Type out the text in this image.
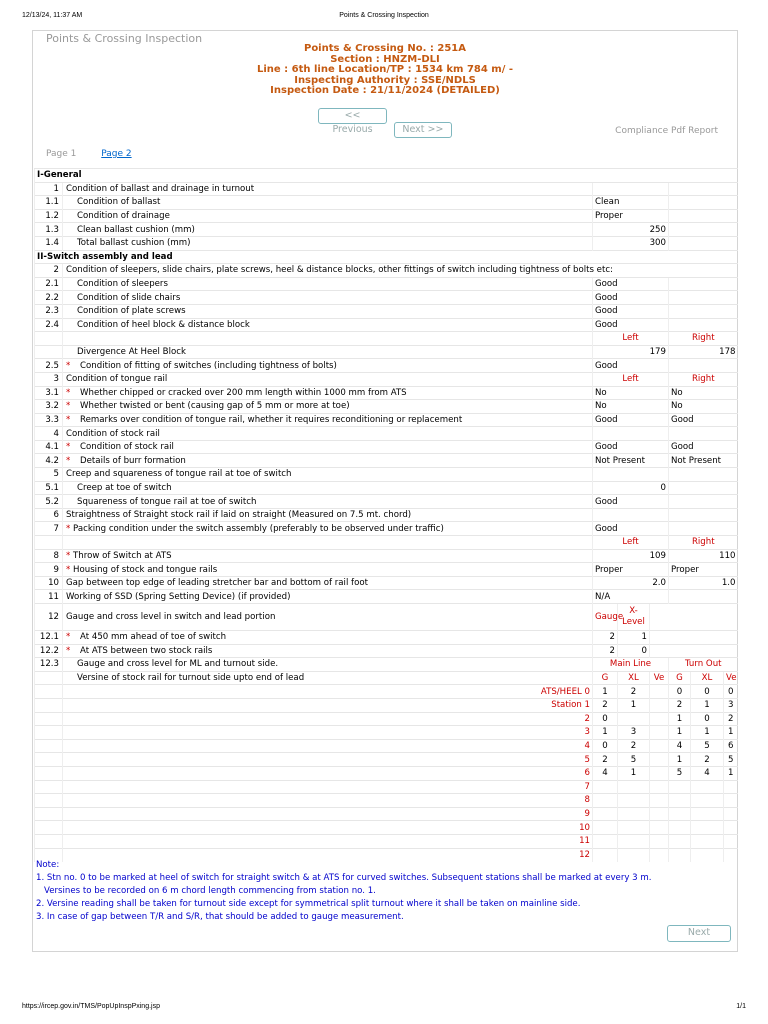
12/13/24, 11:37 AM	Points & Crossing Inspection
Points & Crossing Inspection
Points & Crossing No. : 251A
Section : HNZM-DLI
Line : 6th line Location/TP : 1534 km 784 m/ -
Inspecting Authority : SSE/NDLS
Inspection Date : 21/11/2024 (DETAILED)
<< Previous	Next >>	Compliance Pdf Report
Page 1	Page 2
I-General							
1	Condition of ballast and drainage in turnout						
1.1	Condition of ballast	Clean					
1.2	Condition of drainage	Proper					
1.3	Clean ballast cushion (mm)	250					
1.4	Total ballast cushion (mm)	300					
II-Switch assembly and lead							
2	Condition of sleepers, slide chairs, plate screws, heel & distance blocks, other fittings of switch including tightness of bolts etc:						
2.1	Condition of sleepers	Good					
2.2	Condition of slide chairs	Good					
2.3	Condition of plate screws	Good					
2.4	Condition of heel block & distance block	Good					
		Left			Right		
	Divergence At Heel Block	179			178		
2.5	* Condition of fitting of switches (including tightness of bolts)	Good					
3	Condition of tongue rail	Left			Right		
3.1	* Whether chipped or cracked over 200 mm length within 1000 mm from ATS	No			No		
3.2	* Whether twisted or bent (causing gap of 5 mm or more at toe)	No			No		
3.3	* Remarks over condition of tongue rail, whether it requires reconditioning or replacement	Good			Good		
4	Condition of stock rail						
4.1	* Condition of stock rail	Good			Good		
4.2	* Details of burr formation	Not Present			Not Present		
5	Creep and squareness of tongue rail at toe of switch						
5.1	Creep at toe of switch	0					
5.2	Squareness of tongue rail at toe of switch	Good					
6	Straightness of Straight stock rail if laid on straight (Measured on 7.5 mt. chord)						
7	* Packing condition under the switch assembly (preferably to be observed under traffic)	Good					
		Left			Right		
8	* Throw of Switch at ATS	109			110		
9	* Housing of stock and tongue rails	Proper			Proper		
10	Gap between top edge of leading stretcher bar and bottom of rail foot	2.0			1.0		
11	Working of SSD (Spring Setting Device) (if provided)	N/A					
12	Gauge and cross level in switch and lead portion	Gauge	X-
Level				

12.1	* At 450 mm ahead of toe of switch	2	1				
12.2	* At ATS between two stock rails	2	0				
12.3	Gauge and cross level for ML and turnout side.	Main Line			Turn Out		
	Versine of stock rail for turnout side upto end of lead	G	XL	Ve	G	XL	Ve
	ATS/HEEL 0	1	2		0	0	0
	Station 1	2	1		2	1	3
	2	0			1	0	2
	3	1	3		1	1	1
	4	0	2		4	5	6
	5	2	5		1	2	5
	6	4	1		5	4	1
	7						
	8						
	9						
	10						
	11						
	12						
Note:
1. Stn no. 0 to be marked at heel of switch for straight switch & at ATS for curved switches. Subsequent stations shall be marked at every 3 m.
Versines to be recorded on 6 m chord length commencing from station no. 1.
2. Versine reading shall be taken for turnout side except for symmetrical split turnout where it shall be taken on mainline side.
3. In case of gap between T/R and S/R, that should be added to gauge measurement.
Next
https://ircep.gov.in/TMS/PopUpInspPxing.jsp	1/1
